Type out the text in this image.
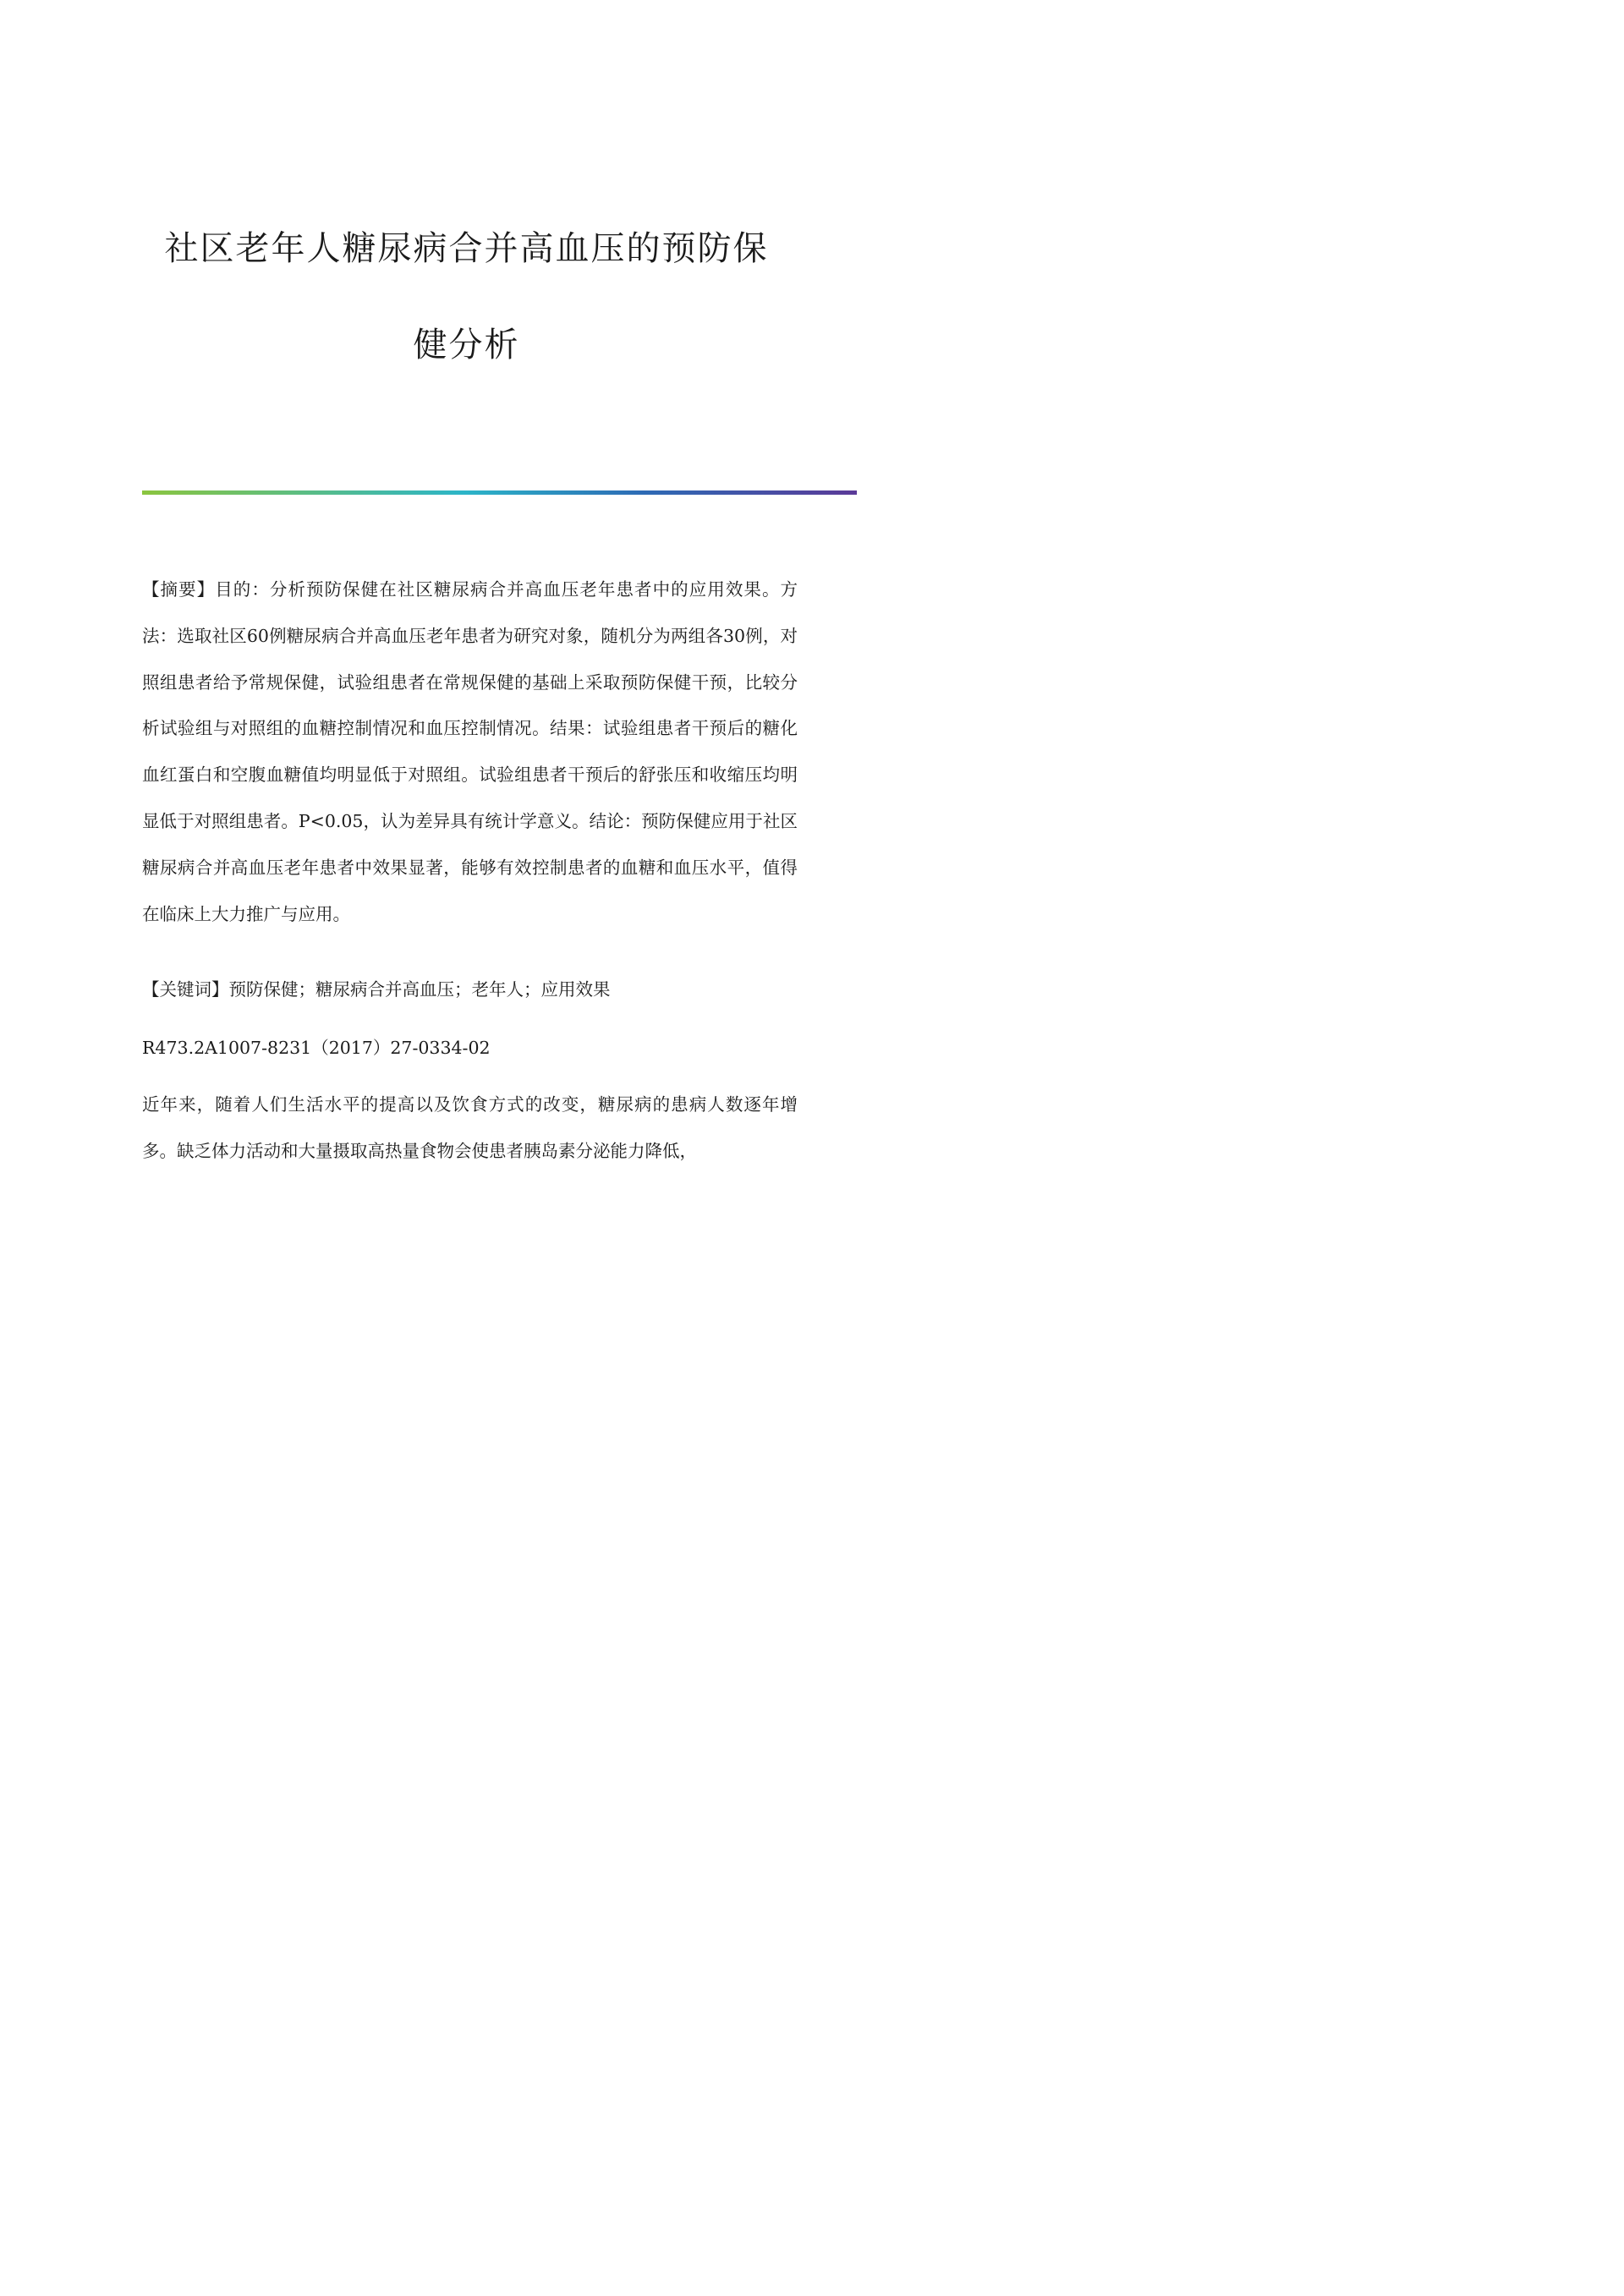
社区老年人糖尿病合并高血压的预防保
健分析

【摘要】目的：分析预防保健在社区糖尿病合并高血压老年患者中的应用效果。方法：选取社区60例糖尿病合并高血压老年患者为研究对象，随机分为两组各30例，对照组患者给予常规保健，试验组患者在常规保健的基础上采取预防保健干预，比较分析试验组与对照组的血糖控制情况和血压控制情况。结果：试验组患者干预后的糖化血红蛋白和空腹血糖值均明显低于对照组。试验组患者干预后的舒张压和收缩压均明显低于对照组患者。P<0.05，认为差异具有统计学意义。结论：预防保健应用于社区糖尿病合并高血压老年患者中效果显著，能够有效控制患者的血糖和血压水平，值得在临床上大力推广与应用。

【关键词】预防保健；糖尿病合并高血压；老年人；应用效果

R473.2A1007-8231（2017）27-0334-02

近年来，随着人们生活水平的提高以及饮食方式的改变，糖尿病的患病人数逐年增多。缺乏体力活动和大量摄取高热量食物会使患者胰岛素分泌能力降低，
